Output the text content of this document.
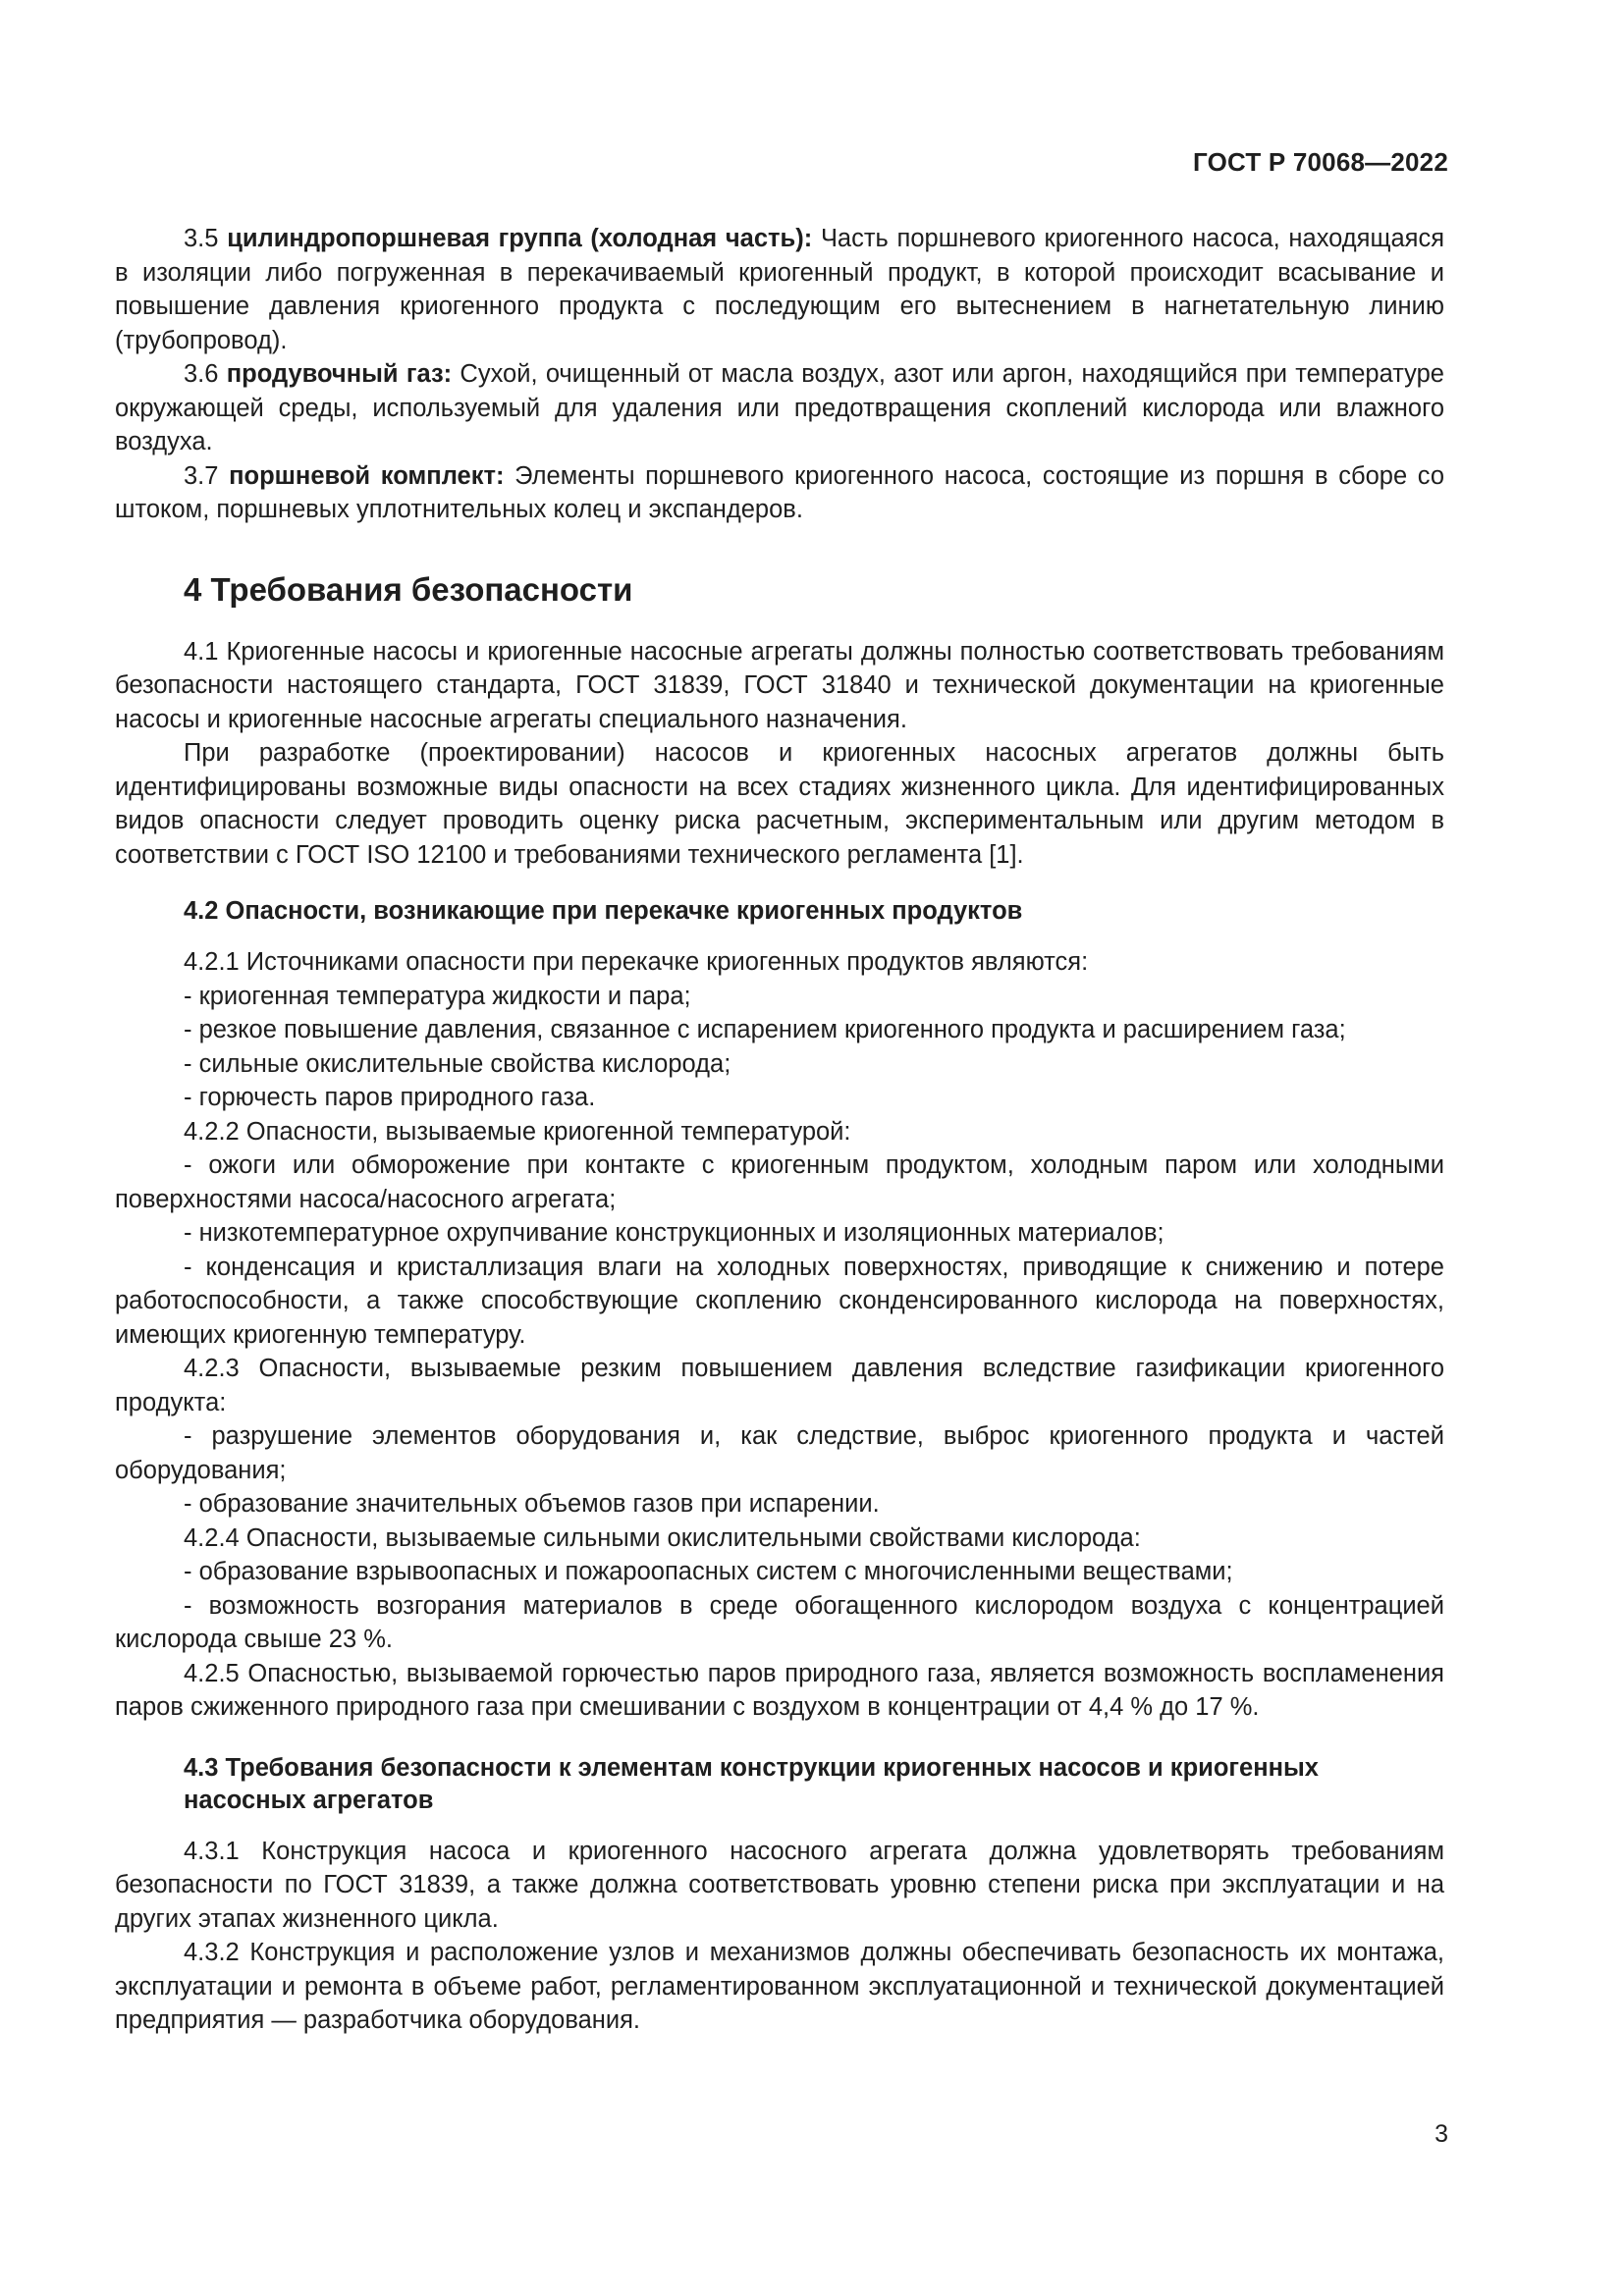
ГОСТ Р 70068—2022

3.5 цилиндропоршневая группа (холодная часть): Часть поршневого криогенного насоса, находящаяся в изоляции либо погруженная в перекачиваемый криогенный продукт, в которой происходит всасывание и повышение давления криогенного продукта с последующим его вытеснением в нагнетательную линию (трубопровод).

3.6 продувочный газ: Сухой, очищенный от масла воздух, азот или аргон, находящийся при температуре окружающей среды, используемый для удаления или предотвращения скоплений кислорода или влажного воздуха.

3.7 поршневой комплект: Элементы поршневого криогенного насоса, состоящие из поршня в сборе со штоком, поршневых уплотнительных колец и экспандеров.

4 Требования безопасности

4.1 Криогенные насосы и криогенные насосные агрегаты должны полностью соответствовать требованиям безопасности настоящего стандарта, ГОСТ 31839, ГОСТ 31840 и технической документации на криогенные насосы и криогенные насосные агрегаты специального назначения.

При разработке (проектировании) насосов и криогенных насосных агрегатов должны быть идентифицированы возможные виды опасности на всех стадиях жизненного цикла. Для идентифицированных видов опасности следует проводить оценку риска расчетным, экспериментальным или другим методом в соответствии с ГОСТ ISO 12100 и требованиями технического регламента [1].

4.2 Опасности, возникающие при перекачке криогенных продуктов

4.2.1 Источниками опасности при перекачке криогенных продуктов являются:

- криогенная температура жидкости и пара;

- резкое повышение давления, связанное с испарением криогенного продукта и расширением газа;

- сильные окислительные свойства кислорода;

- горючесть паров природного газа.

4.2.2 Опасности, вызываемые криогенной температурой:

- ожоги или обморожение при контакте с криогенным продуктом, холодным паром или холодными поверхностями насоса/насосного агрегата;

- низкотемпературное охрупчивание конструкционных и изоляционных материалов;

- конденсация и кристаллизация влаги на холодных поверхностях, приводящие к снижению и потере работоспособности, а также способствующие скоплению сконденсированного кислорода на поверхностях, имеющих криогенную температуру.

4.2.3 Опасности, вызываемые резким повышением давления вследствие газификации криогенного продукта:

- разрушение элементов оборудования и, как следствие, выброс криогенного продукта и частей оборудования;

- образование значительных объемов газов при испарении.

4.2.4 Опасности, вызываемые сильными окислительными свойствами кислорода:

- образование взрывоопасных и пожароопасных систем с многочисленными веществами;

- возможность возгорания материалов в среде обогащенного кислородом воздуха с концентрацией кислорода свыше 23 %.

4.2.5 Опасностью, вызываемой горючестью паров природного газа, является возможность воспламенения паров сжиженного природного газа при смешивании с воздухом в концентрации от 4,4 % до 17 %.

4.3 Требования безопасности к элементам конструкции криогенных насосов и криогенных
насосных агрегатов

4.3.1 Конструкция насоса и криогенного насосного агрегата должна удовлетворять требованиям безопасности по ГОСТ 31839, а также должна соответствовать уровню степени риска при эксплуатации и на других этапах жизненного цикла.

4.3.2 Конструкция и расположение узлов и механизмов должны обеспечивать безопасность их монтажа, эксплуатации и ремонта в объеме работ, регламентированном эксплуатационной и технической документацией предприятия — разработчика оборудования.

3
